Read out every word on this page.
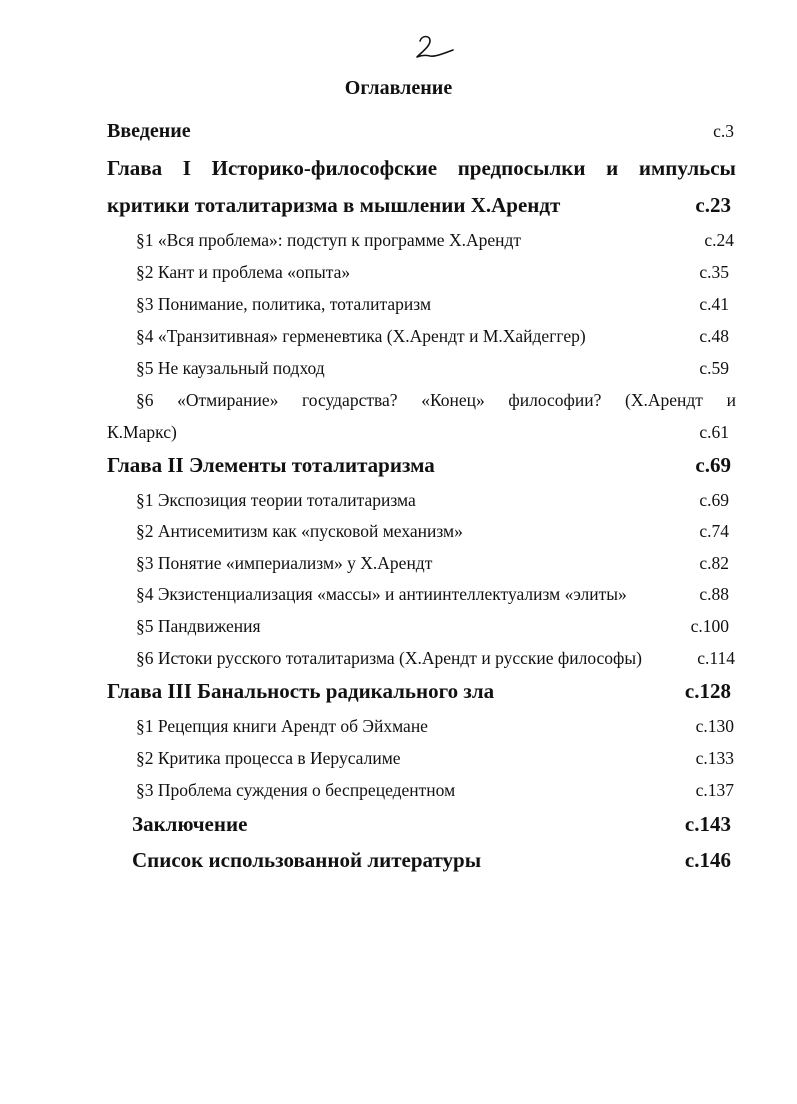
Оглавление
Введение	с.3
Глава I Историко-философские предпосылки и импульсы
критики тоталитаризма в мышлении Х.Арендт	с.23
§1 «Вся проблема»: подступ к программе Х.Арендт	с.24
§2 Кант и проблема «опыта»	с.35
§3 Понимание, политика, тоталитаризм	с.41
§4 «Транзитивная» герменевтика (Х.Арендт и М.Хайдеггер)	с.48
§5 Не каузальный подход	с.59
§6 «Отмирание» государства? «Конец» философии? (Х.Арендт и
К.Маркс)	с.61
Глава II Элементы тоталитаризма	с.69
§1 Экспозиция теории тоталитаризма	с.69
§2 Антисемитизм как «пусковой механизм»	с.74
§3 Понятие «империализм» у Х.Арендт	с.82
§4 Экзистенциализация «массы» и антиинтеллектуализм «элиты»	с.88
§5 Пандвижения	с.100
§6 Истоки русского тоталитаризма (Х.Арендт и русские философы)	с.114
Глава III Банальность радикального зла	с.128
§1 Рецепция книги Арендт об Эйхмане	с.130
§2 Критика процесса в Иерусалиме	с.133
§3 Проблема суждения о беспрецедентном	с.137
Заключение	с.143
Список использованной литературы	с.146
